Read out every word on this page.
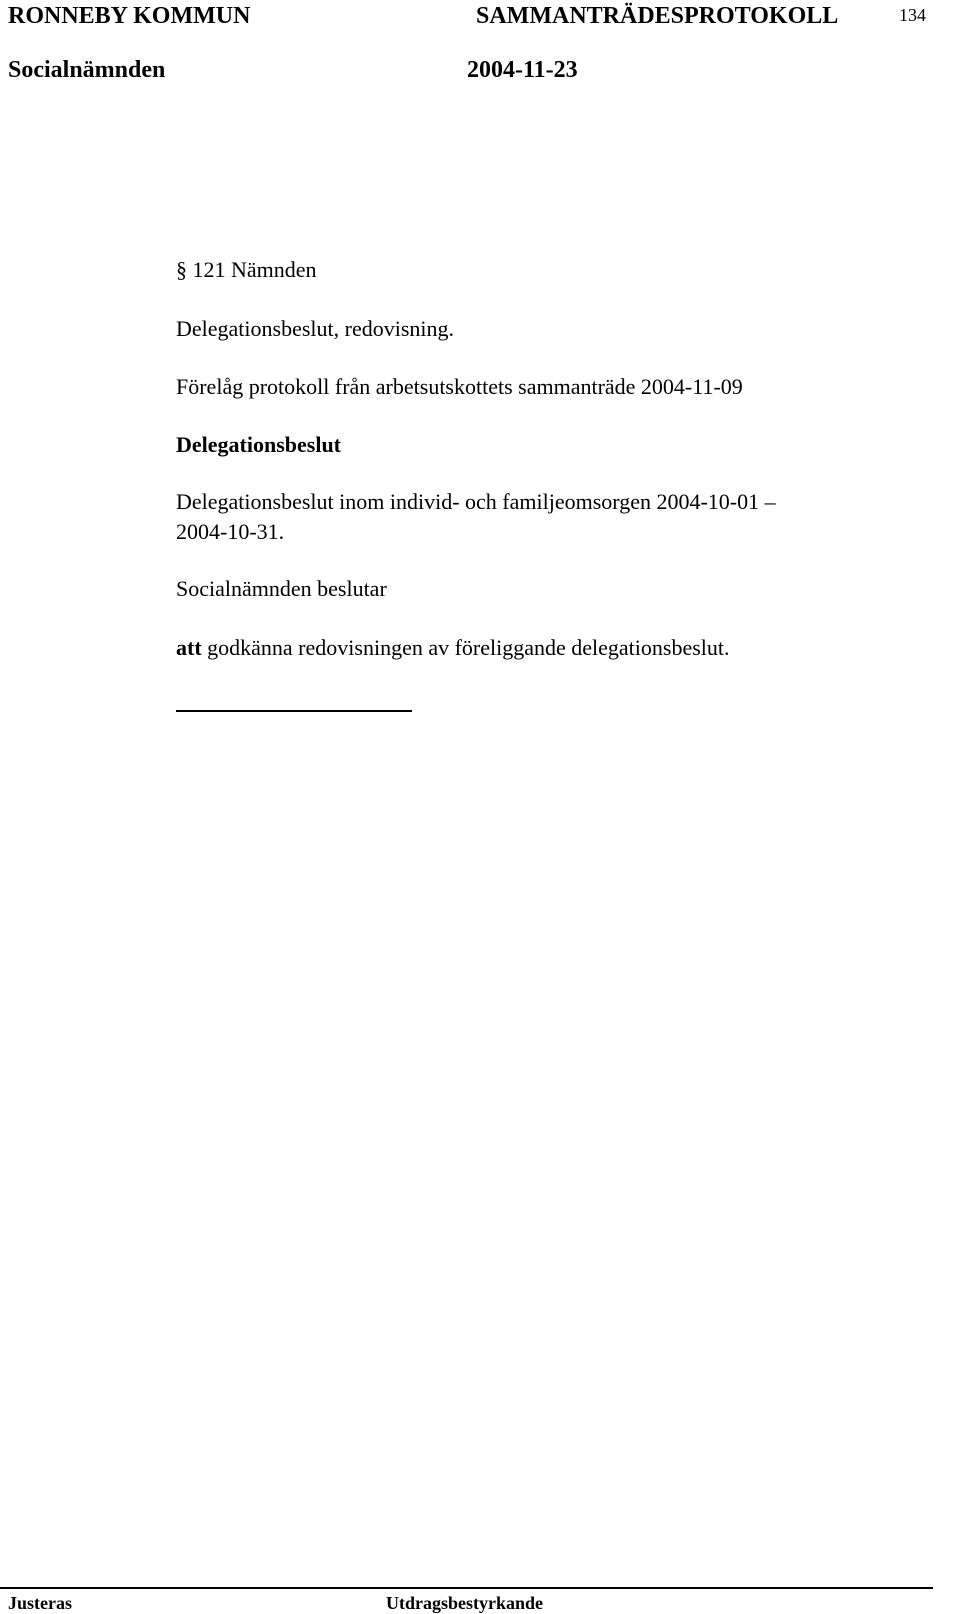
RONNEBY KOMMUN	SAMMANTRÄDESPROTOKOLL	134
Socialnämnden	2004-11-23
§ 121 Nämnden
Delegationsbeslut, redovisning.
Förelåg protokoll från arbetsutskottets sammanträde 2004-11-09
Delegationsbeslut
Delegationsbeslut inom individ- och familjeomsorgen 2004-10-01 –
2004-10-31.
Socialnämnden beslutar
att godkänna redovisningen av föreliggande delegationsbeslut.
Justeras	Utdragsbestyrkande
